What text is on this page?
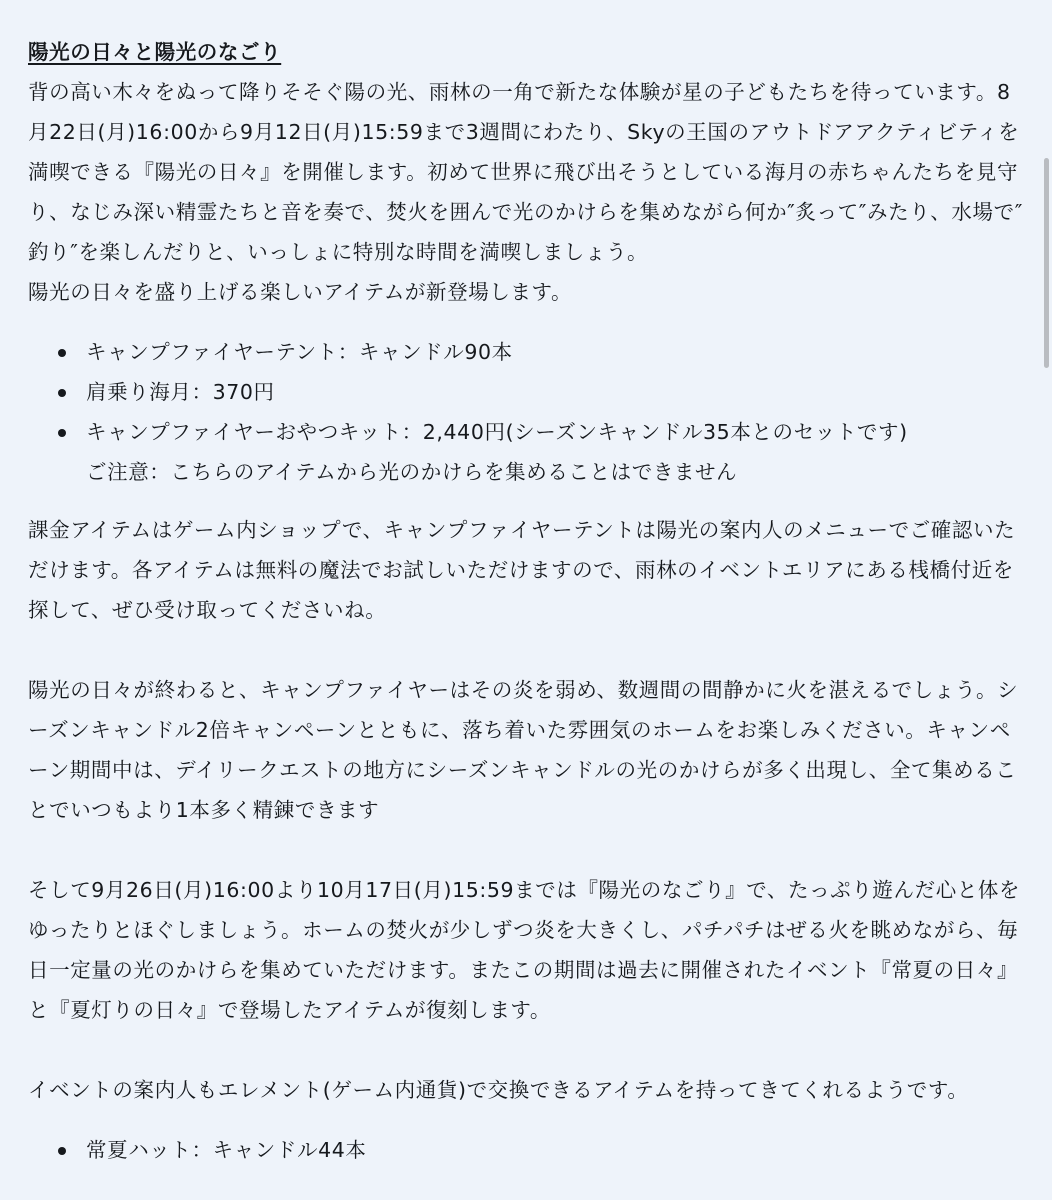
陽光の日々と陽光のなごり

背の高い木々をぬって降りそそぐ陽の光、雨林の一角で新たな体験が星の子どもたちを待っています。8月22日(月)16:00から9月12日(月)15:59まで3週間にわたり、Skyの王国のアウトドアアクティビティを満喫できる『陽光の日々』を開催します。初めて世界に飛び出そうとしている海月の赤ちゃんたちを見守り、なじみ深い精霊たちと音を奏で、焚火を囲んで光のかけらを集めながら何か″炙って″みたり、水場で″釣り″を楽しんだりと、いっしょに特別な時間を満喫しましょう。

陽光の日々を盛り上げる楽しいアイテムが新登場します。

キャンプファイヤーテント：キャンドル90本
肩乗り海月：370円
キャンプファイヤーおやつキット：2,440円(シーズンキャンドル35本とのセットです)

ご注意：こちらのアイテムから光のかけらを集めることはできません

課金アイテムはゲーム内ショップで、キャンプファイヤーテントは陽光の案内人のメニューでご確認いただけます。各アイテムは無料の魔法でお試しいただけますので、雨林のイベントエリアにある桟橋付近を探して、ぜひ受け取ってくださいね。

陽光の日々が終わると、キャンプファイヤーはその炎を弱め、数週間の間静かに火を湛えるでしょう。シーズンキャンドル2倍キャンペーンとともに、落ち着いた雰囲気のホームをお楽しみください。キャンペーン期間中は、デイリークエストの地方にシーズンキャンドルの光のかけらが多く出現し、全て集めることでいつもより1本多く精錬できます

そして9月26日(月)16:00より10月17日(月)15:59までは『陽光のなごり』で、たっぷり遊んだ心と体をゆったりとほぐしましょう。ホームの焚火が少しずつ炎を大きくし、パチパチはぜる火を眺めながら、毎日一定量の光のかけらを集めていただけます。またこの期間は過去に開催されたイベント『常夏の日々』と『夏灯りの日々』で登場したアイテムが復刻します。

イベントの案内人もエレメント(ゲーム内通貨)で交換できるアイテムを持ってきてくれるようです。

常夏ハット：キャンドル44本
